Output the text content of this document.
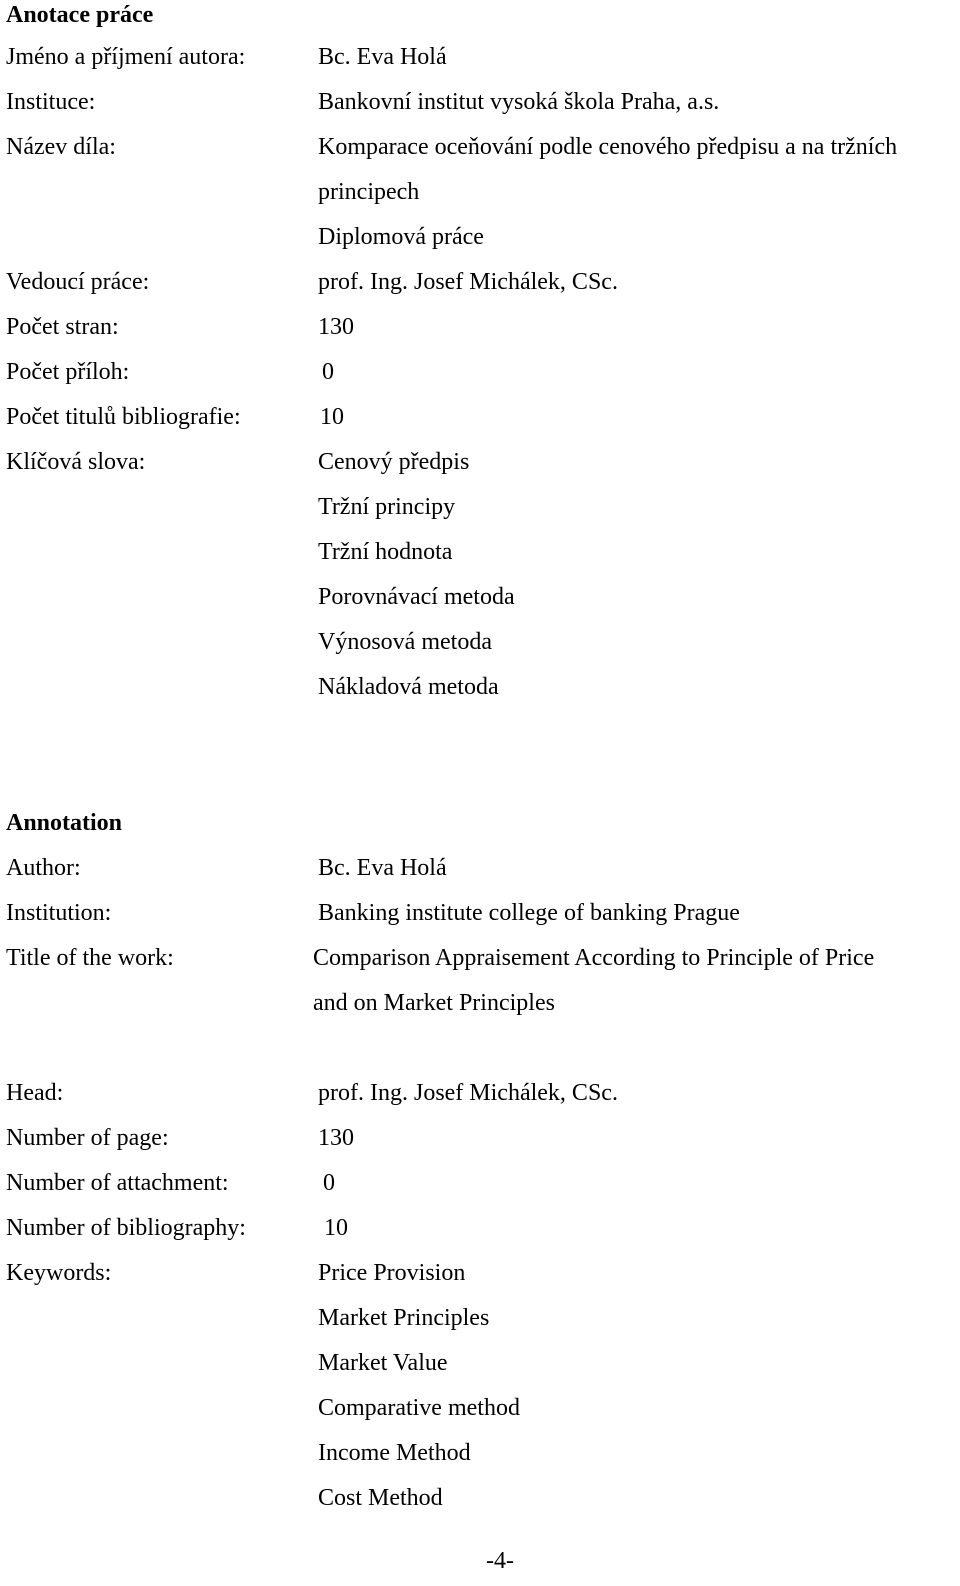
Anotace práce
Jméno a příjmení autora:	Bc. Eva Holá
Instituce:	Bankovní institut vysoká škola Praha, a.s.
Název díla:	Komparace oceňování podle cenového předpisu a na tržních
principech
Diplomová práce
Vedoucí práce:	prof. Ing. Josef Michálek, CSc.
Počet stran:	130
Počet příloh:	0
Počet titulů bibliografie:	10
Klíčová slova:	Cenový předpis
Tržní principy
Tržní hodnota
Porovnávací metoda
Výnosová metoda
Nákladová metoda
Annotation
Author:	Bc. Eva Holá
Institution:	Banking institute college of banking Prague
Title of the work:	Comparison Appraisement According to Principle of Price
and on Market Principles
Head:	prof. Ing. Josef Michálek, CSc.
Number of page:	130
Number of attachment:	0
Number of bibliography:	10
Keywords:	Price Provision
Market Principles
Market Value
Comparative method
Income Method
Cost Method
-4-
